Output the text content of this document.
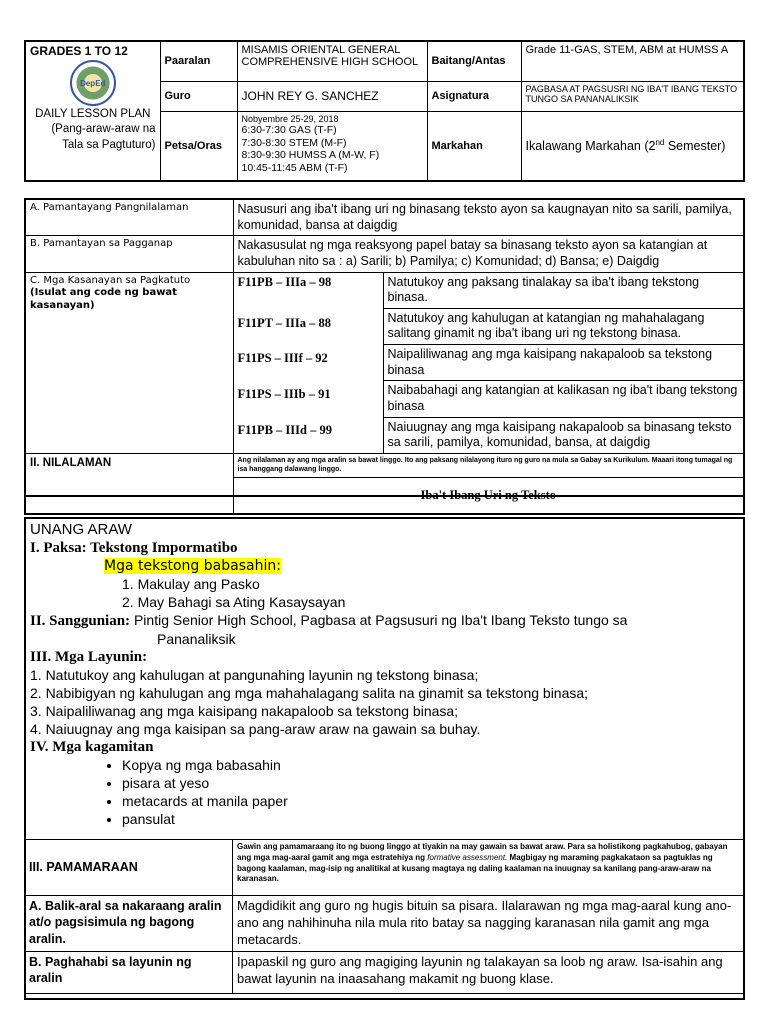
GRADES 1 TO 12
DepEd
DAILY LESSON PLAN
(Pang-araw-araw na Tala sa Pagtuturo)	Paaralan	MISAMIS ORIENTAL GENERAL COMPREHENSIVE HIGH SCHOOL	Baitang/Antas	Grade 11-GAS, STEM, ABM at HUMSS A
	Guro	JOHN REY G. SANCHEZ	Asignatura	PAGBASA AT PAGSUSRI NG IBA'T IBANG TEKSTO TUNGO SA PANANALIKSIK
	Petsa/Oras	Nobyembre 25-29, 2018
6:30-7:30 GAS (T-F)
7:30-8:30 STEM (M-F)
8:30-9:30 HUMSS A (M-W, F)
10:45-11:45 ABM (T-F)	Markahan	Ikalawang Markahan (2nd Semester)
A. Pamantayang Pangnilalaman	Nasusuri ang iba't ibang uri ng binasang teksto ayon sa kaugnayan nito sa sarili, pamilya, komunidad, bansa at daigdig	
B. Pamantayan sa Pagganap	Nakasusulat ng mga reaksyong papel batay sa binasang teksto ayon sa katangian at kabuluhan nito sa : a) Sarili; b) Pamilya; c) Komunidad; d) Bansa; e) Daigdig	

C. Mga Kasanayan sa Pagkatuto
(Isulat ang code ng bawat kasanayan)	F11PB – IIIa – 98	Natutukoy ang paksang tinalakay sa iba't ibang tekstong binasa.
	F11PT – IIIa – 88	Natutukoy ang kahulugan at katangian ng mahahalagang salitang ginamit ng iba't ibang uri ng tekstong binasa.
	F11PS – IIIf – 92	Naipaliliwanag ang mga kaisipang nakapaloob sa tekstong binasa
	F11PS – IIIb – 91	Naibabahagi ang katangian at kalikasan ng iba't ibang tekstong binasa
	F11PB – IIId – 99	Naiuugnay ang mga kaisipang nakapaloob sa binasang teksto sa sarili, pamilya, komunidad, bansa, at daigdig
II. NILALAMAN	Ang nilalaman ay ang mga aralin sa bawat linggo. Ito ang paksang nilalayong ituro ng guro na mula sa Gabay sa Kurikulum. Maaari itong tumagal ng isa hanggang dalawang linggo.	
	Iba't Ibang Uri ng Teksto	
UNANG ARAW
I. Paksa: Tekstong Impormatibo
Mga tekstong babasahin:
1. Makulay ang Pasko
2. May Bahagi sa Ating Kasaysayan
II. Sanggunian: Pintig Senior High School, Pagbasa at Pagsusuri ng Iba't Ibang Teksto tungo sa
Pananaliksik
III. Mga Layunin:
1. Natutukoy ang kahulugan at pangunahing layunin ng tekstong binasa;
2. Nabibigyan ng kahulugan ang mga mahahalagang salita na ginamit sa tekstong binasa;
3. Naipaliliwanag ang mga kaisipang nakapaloob sa tekstong binasa;
4. Naiuugnay ang mga kaisipan sa pang-araw araw na gawain sa buhay.
IV. Mga kagamitan
• Kopya ng mga babasahin
• pisara at yeso
• metacards at manila paper
• pansulat
III. PAMAMARAAN	Gawin ang pamamaraang ito ng buong linggo at tiyakin na may gawain sa bawat araw. Para sa holistikong pagkahubog, gabayan ang mga mag-aaral gamit ang mga estratehiya ng formative assessment. Magbigay ng maraming pagkakataon sa pagtuklas ng bagong kaalaman, mag-isip ng analitikal at kusang magtaya ng daling kaalaman na inuugnay sa kanilang pang-araw-araw na karanasan.
A. Balik-aral sa nakaraang aralin at/o pagsisimula ng bagong aralin.	Magdidikit ang guro ng hugis bituin sa pisara. Ilalarawan ng mga mag-aaral kung ano-ano ang nahihinuha nila mula rito batay sa nagging karanasan nila gamit ang mga metacards.
B. Paghahabi sa layunin ng aralin	Ipapaskil ng guro ang magiging layunin ng talakayan sa loob ng araw. Isa-isahin ang bawat layunin na inaasahang makamit ng buong klase.
